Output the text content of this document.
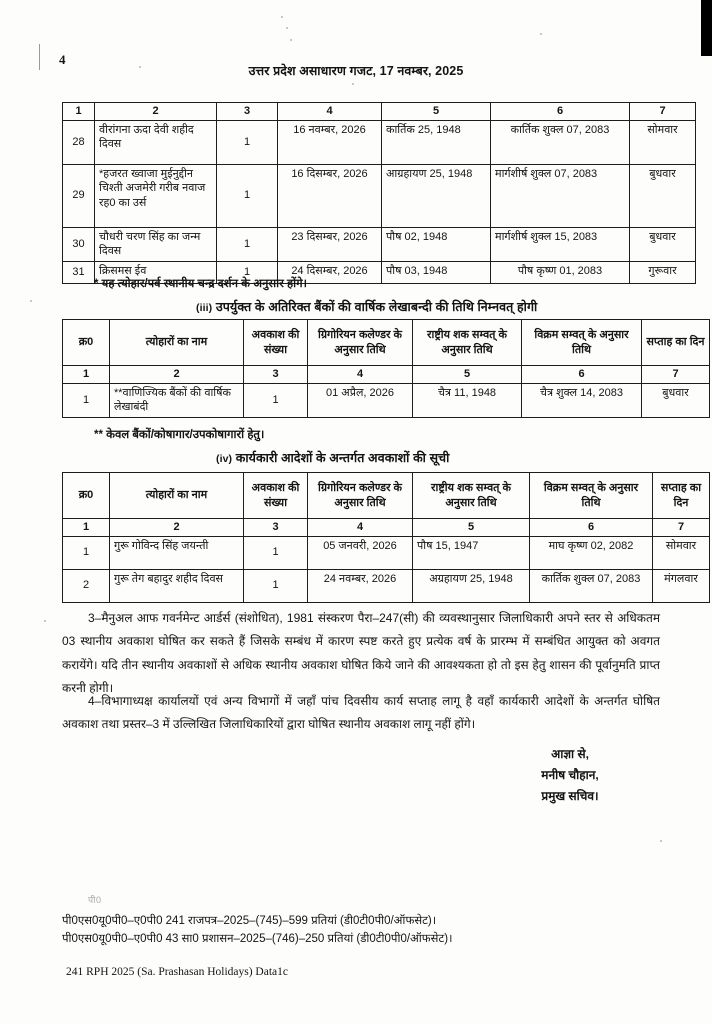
4
उत्तर प्रदेश असाधारण गजट, 17 नवम्बर, 2025
1	2	3	4	5	6	7
28	वीरांगना ऊदा देवी शहीद दिवस	1	16 नवम्बर, 2026	कार्तिक 25, 1948	कार्तिक शुक्ल 07, 2083	सोमवार
29	*हजरत ख्वाजा मुईनुद्दीन चिश्ती अजमेरी गरीब नवाज रह0 का उर्स	1	16 दिसम्बर, 2026	आग्रहायण 25, 1948	मार्गशीर्ष शुक्ल 07, 2083	बुधवार
30	चौधरी चरण सिंह का जन्म दिवस	1	23 दिसम्बर, 2026	पौष 02, 1948	मार्गशीर्ष शुक्ल 15, 2083	बुधवार
31	क्रिसमस ईव	1	24 दिसम्बर, 2026	पौष 03, 1948	पौष कृष्ण 01, 2083	गुरूवार
* यह त्योहार/पर्व स्थानीय चन्द्र दर्शन के अनुसार होंगे।
(iii) उपर्युक्त के अतिरिक्त बैंकों की वार्षिक लेखाबन्दी की तिथि निम्नवत् होगी
क्र0	त्योहारों का नाम	अवकाश की संख्या	ग्रिगोरियन कलेण्डर के अनुसार तिथि	राष्ट्रीय शक सम्वत् के अनुसार तिथि	विक्रम सम्वत् के अनुसार तिथि	सप्ताह का दिन
1	2	3	4	5	6	7
1	**वाणिज्यिक बैंकों की वार्षिक लेखाबंदी	1	01 अप्रैल, 2026	चैत्र 11, 1948	चैत्र शुक्ल 14, 2083	बुधवार
** केवल बैंकों/कोषागार/उपकोषागारों हेतु।
(iv) कार्यकारी आदेशों के अन्तर्गत अवकाशों की सूची
क्र0	त्योहारों का नाम	अवकाश की संख्या	ग्रिगोरियन कलेण्डर के अनुसार तिथि	राष्ट्रीय शक सम्वत् के अनुसार तिथि	विक्रम सम्वत् के अनुसार तिथि	सप्ताह का दिन
1	2	3	4	5	6	7
1	गुरू गोविन्द सिंह जयन्ती	1	05 जनवरी, 2026	पौष 15, 1947	माघ कृष्ण 02, 2082	सोमवार
2	गुरू तेग बहादुर शहीद दिवस	1	24 नवम्बर, 2026	अग्रहायण 25, 1948	कार्तिक शुक्ल 07, 2083	मंगलवार
3–मैनुअल आफ गवर्नमेन्ट आर्डर्स (संशोधित), 1981 संस्करण पैरा–247(सी) की व्यवस्थानुसार जिलाधिकारी अपने स्तर से अधिकतम 03 स्थानीय अवकाश घोषित कर सकते हैं जिसके सम्बंध में कारण स्पष्ट करते हुए प्रत्येक वर्ष के प्रारम्भ में सम्बंधित आयुक्त को अवगत करायेंगे। यदि तीन स्थानीय अवकाशों से अधिक स्थानीय अवकाश घोषित किये जाने की आवश्यकता हो तो इस हेतु शासन की पूर्वानुमति प्राप्त करनी होगी।
4–विभागाध्यक्ष कार्यालयों एवं अन्य विभागों में जहाँ पांच दिवसीय कार्य सप्ताह लागू है वहाँ कार्यकारी आदेशों के अन्तर्गत घोषित अवकाश तथा प्रस्तर–3 में उल्लिखित जिलाधिकारियों द्वारा घोषित स्थानीय अवकाश लागू नहीं होंगे।
आज्ञा से,
मनीष चौहान,
प्रमुख सचिव।
पी0
पी0एस0यू0पी0–ए0पी0 241 राजपत्र–2025–(745)–599 प्रतियां (डी0टी0पी0/ऑफसेट)।
पी0एस0यू0पी0–ए0पी0 43 सा0 प्रशासन–2025–(746)–250 प्रतियां (डी0टी0पी0/ऑफसेट)।
241 RPH 2025 (Sa. Prashasan Holidays) Data1c
